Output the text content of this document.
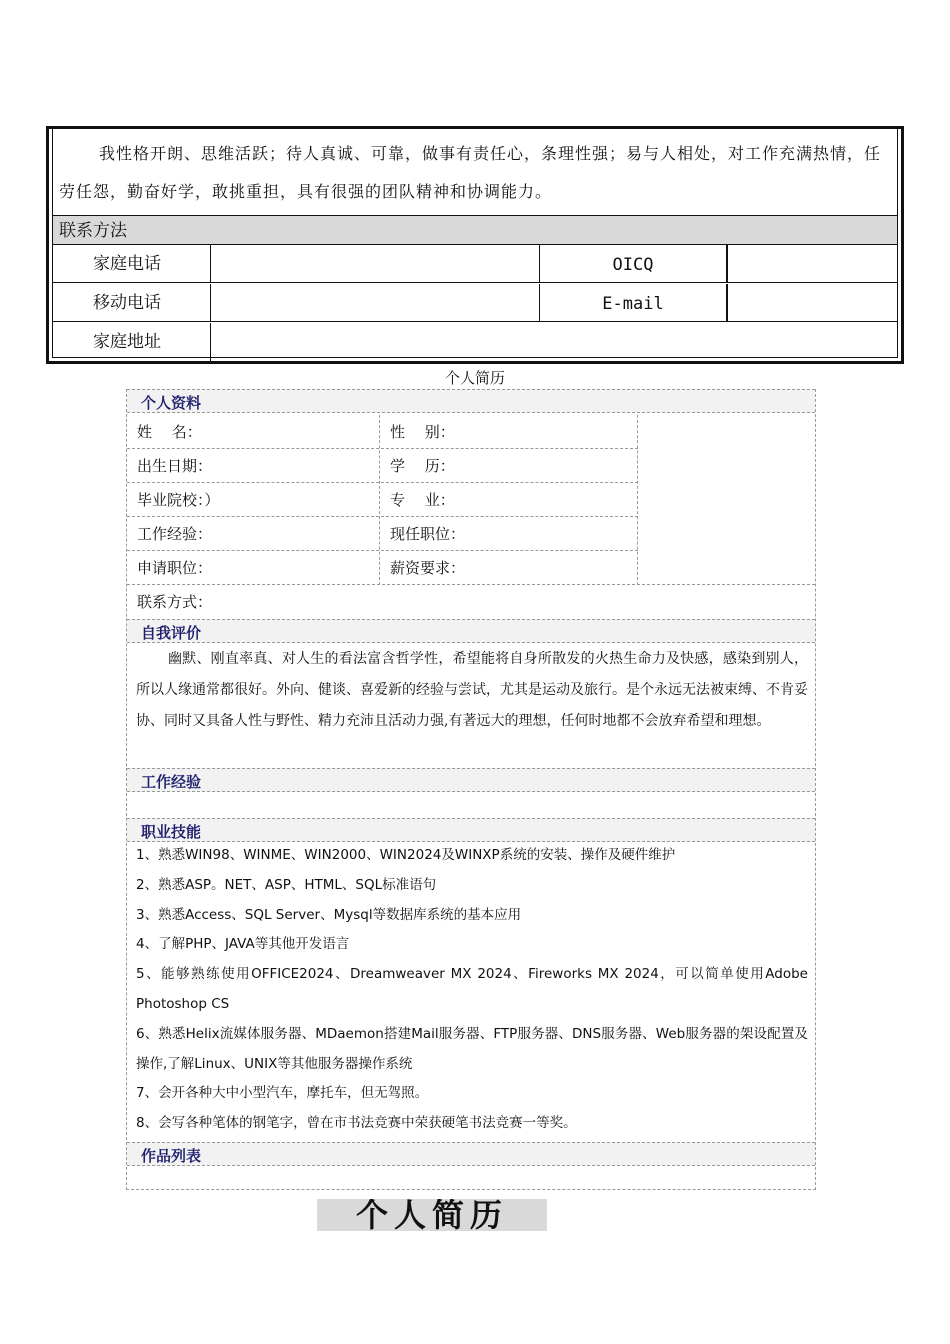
我性格开朗、思维活跃；待人真诚、可靠，做事有责任心，条理性强；易与人相处，对工作充满热情，任劳任怨，勤奋好学，敢挑重担，具有很强的团队精神和协调能力。
联系方法
家庭电话	OICQ
移动电话	E-mail
家庭地址
个人简历
个人资料
姓　 名：	性　 别：
出生日期：	学　 历：
毕业院校：）	专　 业：
工作经验：	现任职位：
申请职位：	薪资要求：
联系方式：
自我评价
幽默、刚直率真、对人生的看法富含哲学性，希望能将自身所散发的火热生命力及快感，感染到别人，所以人缘通常都很好。外向、健谈、喜爱新的经验与尝试，尤其是运动及旅行。是个永远无法被束缚、不肯妥协、同时又具备人性与野性、精力充沛且活动力强,有著远大的理想，任何时地都不会放弃希望和理想。
工作经验
职业技能
1、熟悉WIN98、WINME、WIN2000、WIN2024及WINXP系统的安装、操作及硬件维护
2、熟悉ASP。NET、ASP、HTML、SQL标准语句
3、熟悉Access、SQL Server、Mysql等数据库系统的基本应用
4、了解PHP、JAVA等其他开发语言
5、能够熟练使用OFFICE2024、Dreamweaver MX 2024、Fireworks MX 2024，可以简单使用Adobe Photoshop CS
6、熟悉Helix流媒体服务器、MDaemon搭建Mail服务器、FTP服务器、DNS服务器、Web服务器的架设配置及操作,了解Linux、UNIX等其他服务器操作系统
7、会开各种大中小型汽车，摩托车，但无驾照。
8、会写各种笔体的钢笔字，曾在市书法竞赛中荣获硬笔书法竞赛一等奖。
作品列表
个人简历
